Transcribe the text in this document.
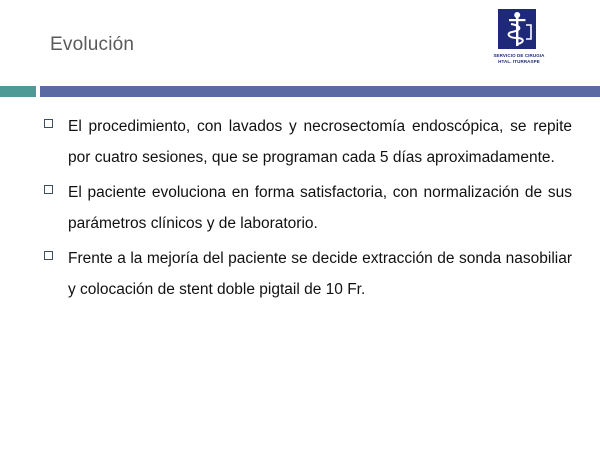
Evolución
SERVICIO DE CIRUGIA
HTAL. ITURRASPE
El procedimiento, con lavados y necrosectomía endoscópica, se repite por cuatro sesiones, que se programan cada 5 días aproximadamente.
El paciente evoluciona en forma satisfactoria, con normalización de sus parámetros clínicos y de laboratorio.
Frente a la mejoría del paciente se decide extracción de sonda nasobiliar y colocación de stent doble pigtail de 10 Fr.
